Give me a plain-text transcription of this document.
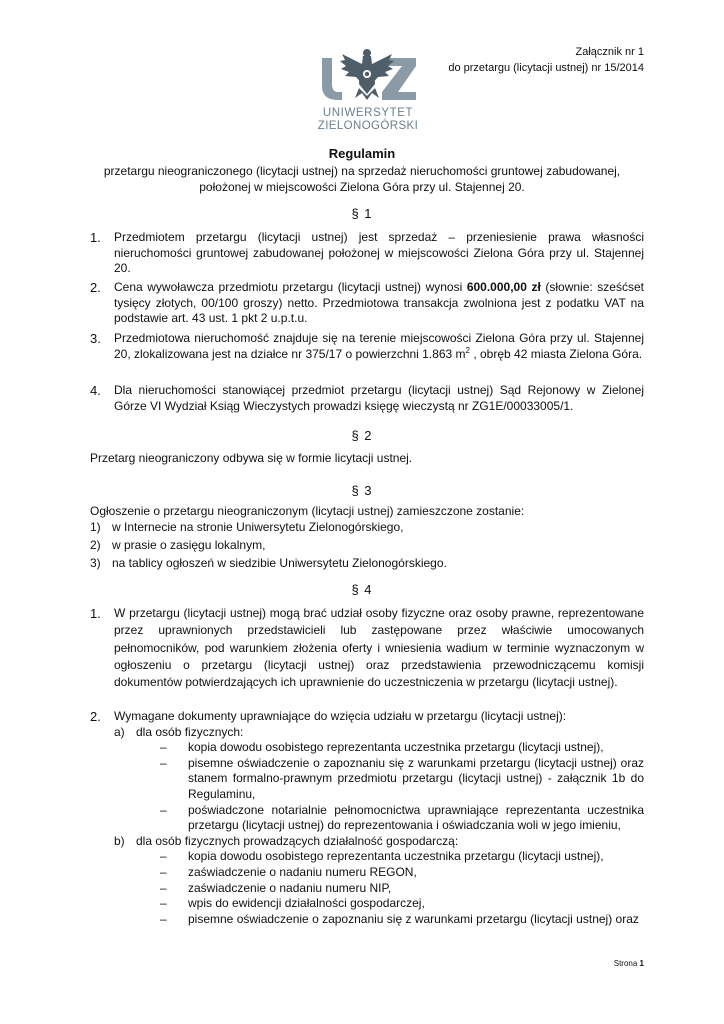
Załącznik nr 1
do przetargu (licytacji ustnej) nr 15/2014
UZ
UNIWERSYTET
ZIELONOGÓRSKI
Regulamin
przetargu nieograniczonego (licytacji ustnej) na sprzedaż nieruchomości gruntowej zabudowanej,
położonej w miejscowości Zielona Góra przy ul. Stajennej 20.
§ 1
1. Przedmiotem przetargu (licytacji ustnej) jest sprzedaż – przeniesienie prawa własności nieruchomości gruntowej zabudowanej położonej w miejscowości Zielona Góra przy ul. Stajennej 20.
2. Cena wywoławcza przedmiotu przetargu (licytacji ustnej) wynosi 600.000,00 zł (słownie: sześćset tysięcy złotych, 00/100 groszy) netto. Przedmiotowa transakcja zwolniona jest z podatku VAT na podstawie art. 43 ust. 1 pkt 2 u.p.t.u.
3. Przedmiotowa nieruchomość znajduje się na terenie miejscowości Zielona Góra przy ul. Stajennej 20, zlokalizowana jest na działce nr 375/17 o powierzchni 1.863 $m^2$ , obręb 42 miasta Zielona Góra.
4. Dla nieruchomości stanowiącej przedmiot przetargu (licytacji ustnej) Sąd Rejonowy w Zielonej Górze VI Wydział Ksiąg Wieczystych prowadzi księgę wieczystą nr ZG1E/00033005/1.
§ 2
Przetarg nieograniczony odbywa się w formie licytacji ustnej.
§ 3
Ogłoszenie o przetargu nieograniczonym (licytacji ustnej) zamieszczone zostanie:
1) w Internecie na stronie Uniwersytetu Zielonogórskiego,
2) w prasie o zasięgu lokalnym,
3) na tablicy ogłoszeń w siedzibie Uniwersytetu Zielonogórskiego.
§ 4
1. W przetargu (licytacji ustnej) mogą brać udział osoby fizyczne oraz osoby prawne, reprezentowane przez uprawnionych przedstawicieli lub zastępowane przez właściwie umocowanych pełnomocników, pod warunkiem złożenia oferty i wniesienia wadium w terminie wyznaczonym w ogłoszeniu o przetargu (licytacji ustnej) oraz przedstawienia przewodniczącemu komisji dokumentów potwierdzających ich uprawnienie do uczestniczenia w przetargu (licytacji ustnej).
2. Wymagane dokumenty uprawniające do wzięcia udziału w przetargu (licytacji ustnej):
a) dla osób fizycznych:
–	kopia dowodu osobistego reprezentanta uczestnika przetargu (licytacji ustnej),
–	pisemne oświadczenie o zapoznaniu się z warunkami przetargu (licytacji ustnej) oraz stanem formalno-prawnym przedmiotu przetargu (licytacji ustnej) - załącznik 1b do Regulaminu,
–	poświadczone notarialnie pełnomocnictwa uprawniające reprezentanta uczestnika przetargu (licytacji ustnej) do reprezentowania i oświadczania woli w jego imieniu,
b) dla osób fizycznych prowadzących działalność gospodarczą:
–	kopia dowodu osobistego reprezentanta uczestnika przetargu (licytacji ustnej),
–	zaświadczenie o nadaniu numeru REGON,
–	zaświadczenie o nadaniu numeru NIP,
–	wpis do ewidencji działalności gospodarczej,
–	pisemne oświadczenie o zapoznaniu się z warunkami przetargu (licytacji ustnej) oraz
Strona 1
